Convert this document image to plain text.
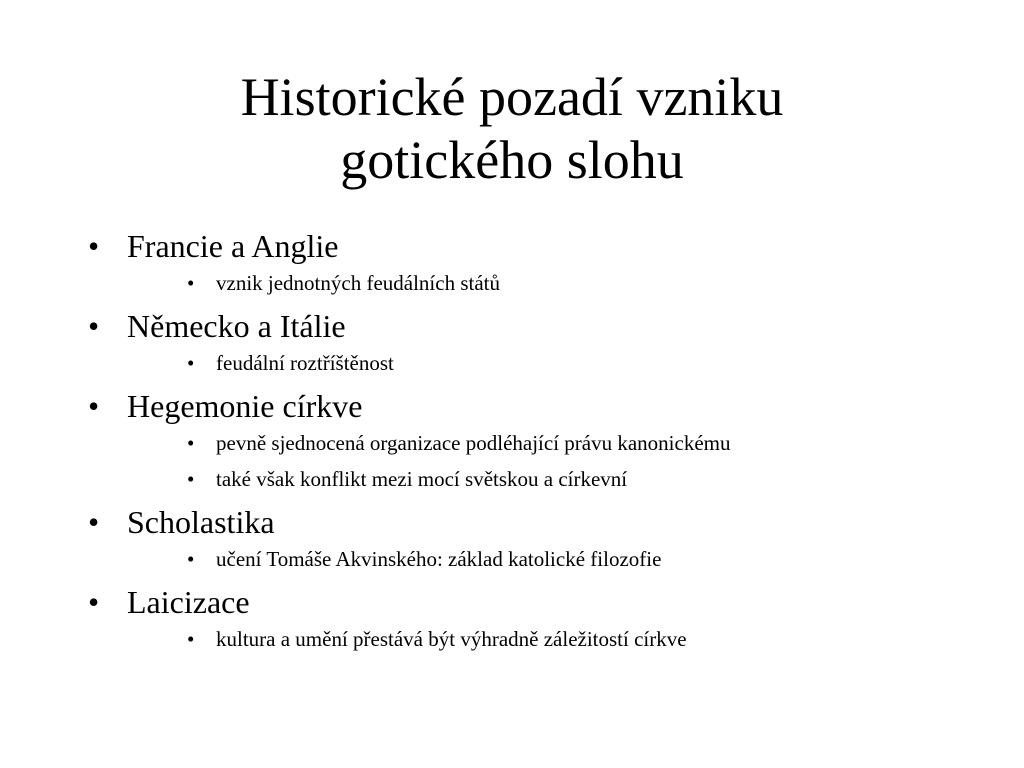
Historické pozadí vzniku
gotického slohu
• Francie a Anglie
• vznik jednotných feudálních států
• Německo a Itálie
• feudální roztříštěnost
• Hegemonie církve
• pevně sjednocená organizace podléhající právu kanonickému
• také však konflikt mezi mocí světskou a církevní
• Scholastika
• učení Tomáše Akvinského: základ katolické filozofie
• Laicizace
• kultura a umění přestává být výhradně záležitostí církve
